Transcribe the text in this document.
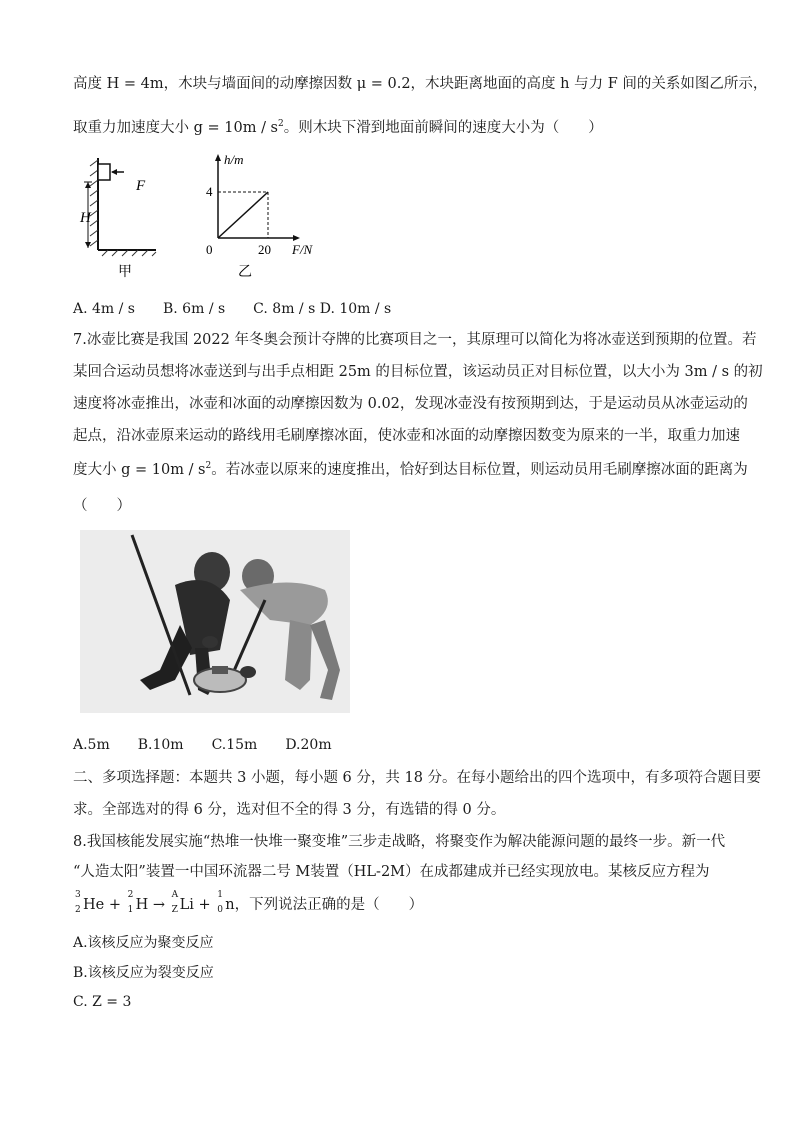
高度 H = 4m，木块与墙面间的动摩擦因数 μ = 0.2，木块距离地面的高度 h 与力 F 间的关系如图乙所示，
取重力加速度大小 $g = 10m / s^2$。则木块下滑到地面前瞬间的速度大小为（　　）
F
H
甲
h/m
F/N
4
20
0
乙
A. 4m / s　　B. 6m / s　　C. 8m / s D. 10m / s
7.冰壶比赛是我国 2022 年冬奥会预计夺牌的比赛项目之一，其原理可以简化为将冰壶送到预期的位置。若
某回合运动员想将冰壶送到与出手点相距 25m 的目标位置，该运动员正对目标位置，以大小为 3m / s 的初
速度将冰壶推出，冰壶和冰面的动摩擦因数为 0.02，发现冰壶没有按预期到达，于是运动员从冰壶运动的
起点，沿冰壶原来运动的路线用毛刷摩擦冰面，使冰壶和冰面的动摩擦因数变为原来的一半，取重力加速
度大小 $g = 10m / s^2$。若冰壶以原来的速度推出，恰好到达目标位置，则运动员用毛刷摩擦冰面的距离为
（　　）
A.5m　　B.10m　　C.15m　　D.20m
二、多项选择题：本题共 3 小题，每小题 6 分，共 18 分。在每小题给出的四个选项中，有多项符合题目要
求。全部选对的得 6 分，选对但不全的得 3 分，有选错的得 0 分。
8.我国核能发展实施“热堆一快堆一聚变堆”三步走战略，将聚变作为解决能源问题的最终一步。新一代
“人造太阳”装置一中国环流器二号 M装置（HL-2M）在成都建成并已经实现放电。某核反应方程为
3
2 He +
2
1 H →
A
Z Li +
1
0 n，下列说法正确的是（　　）
A.该核反应为聚变反应
B.该核反应为裂变反应
C. Z = 3
